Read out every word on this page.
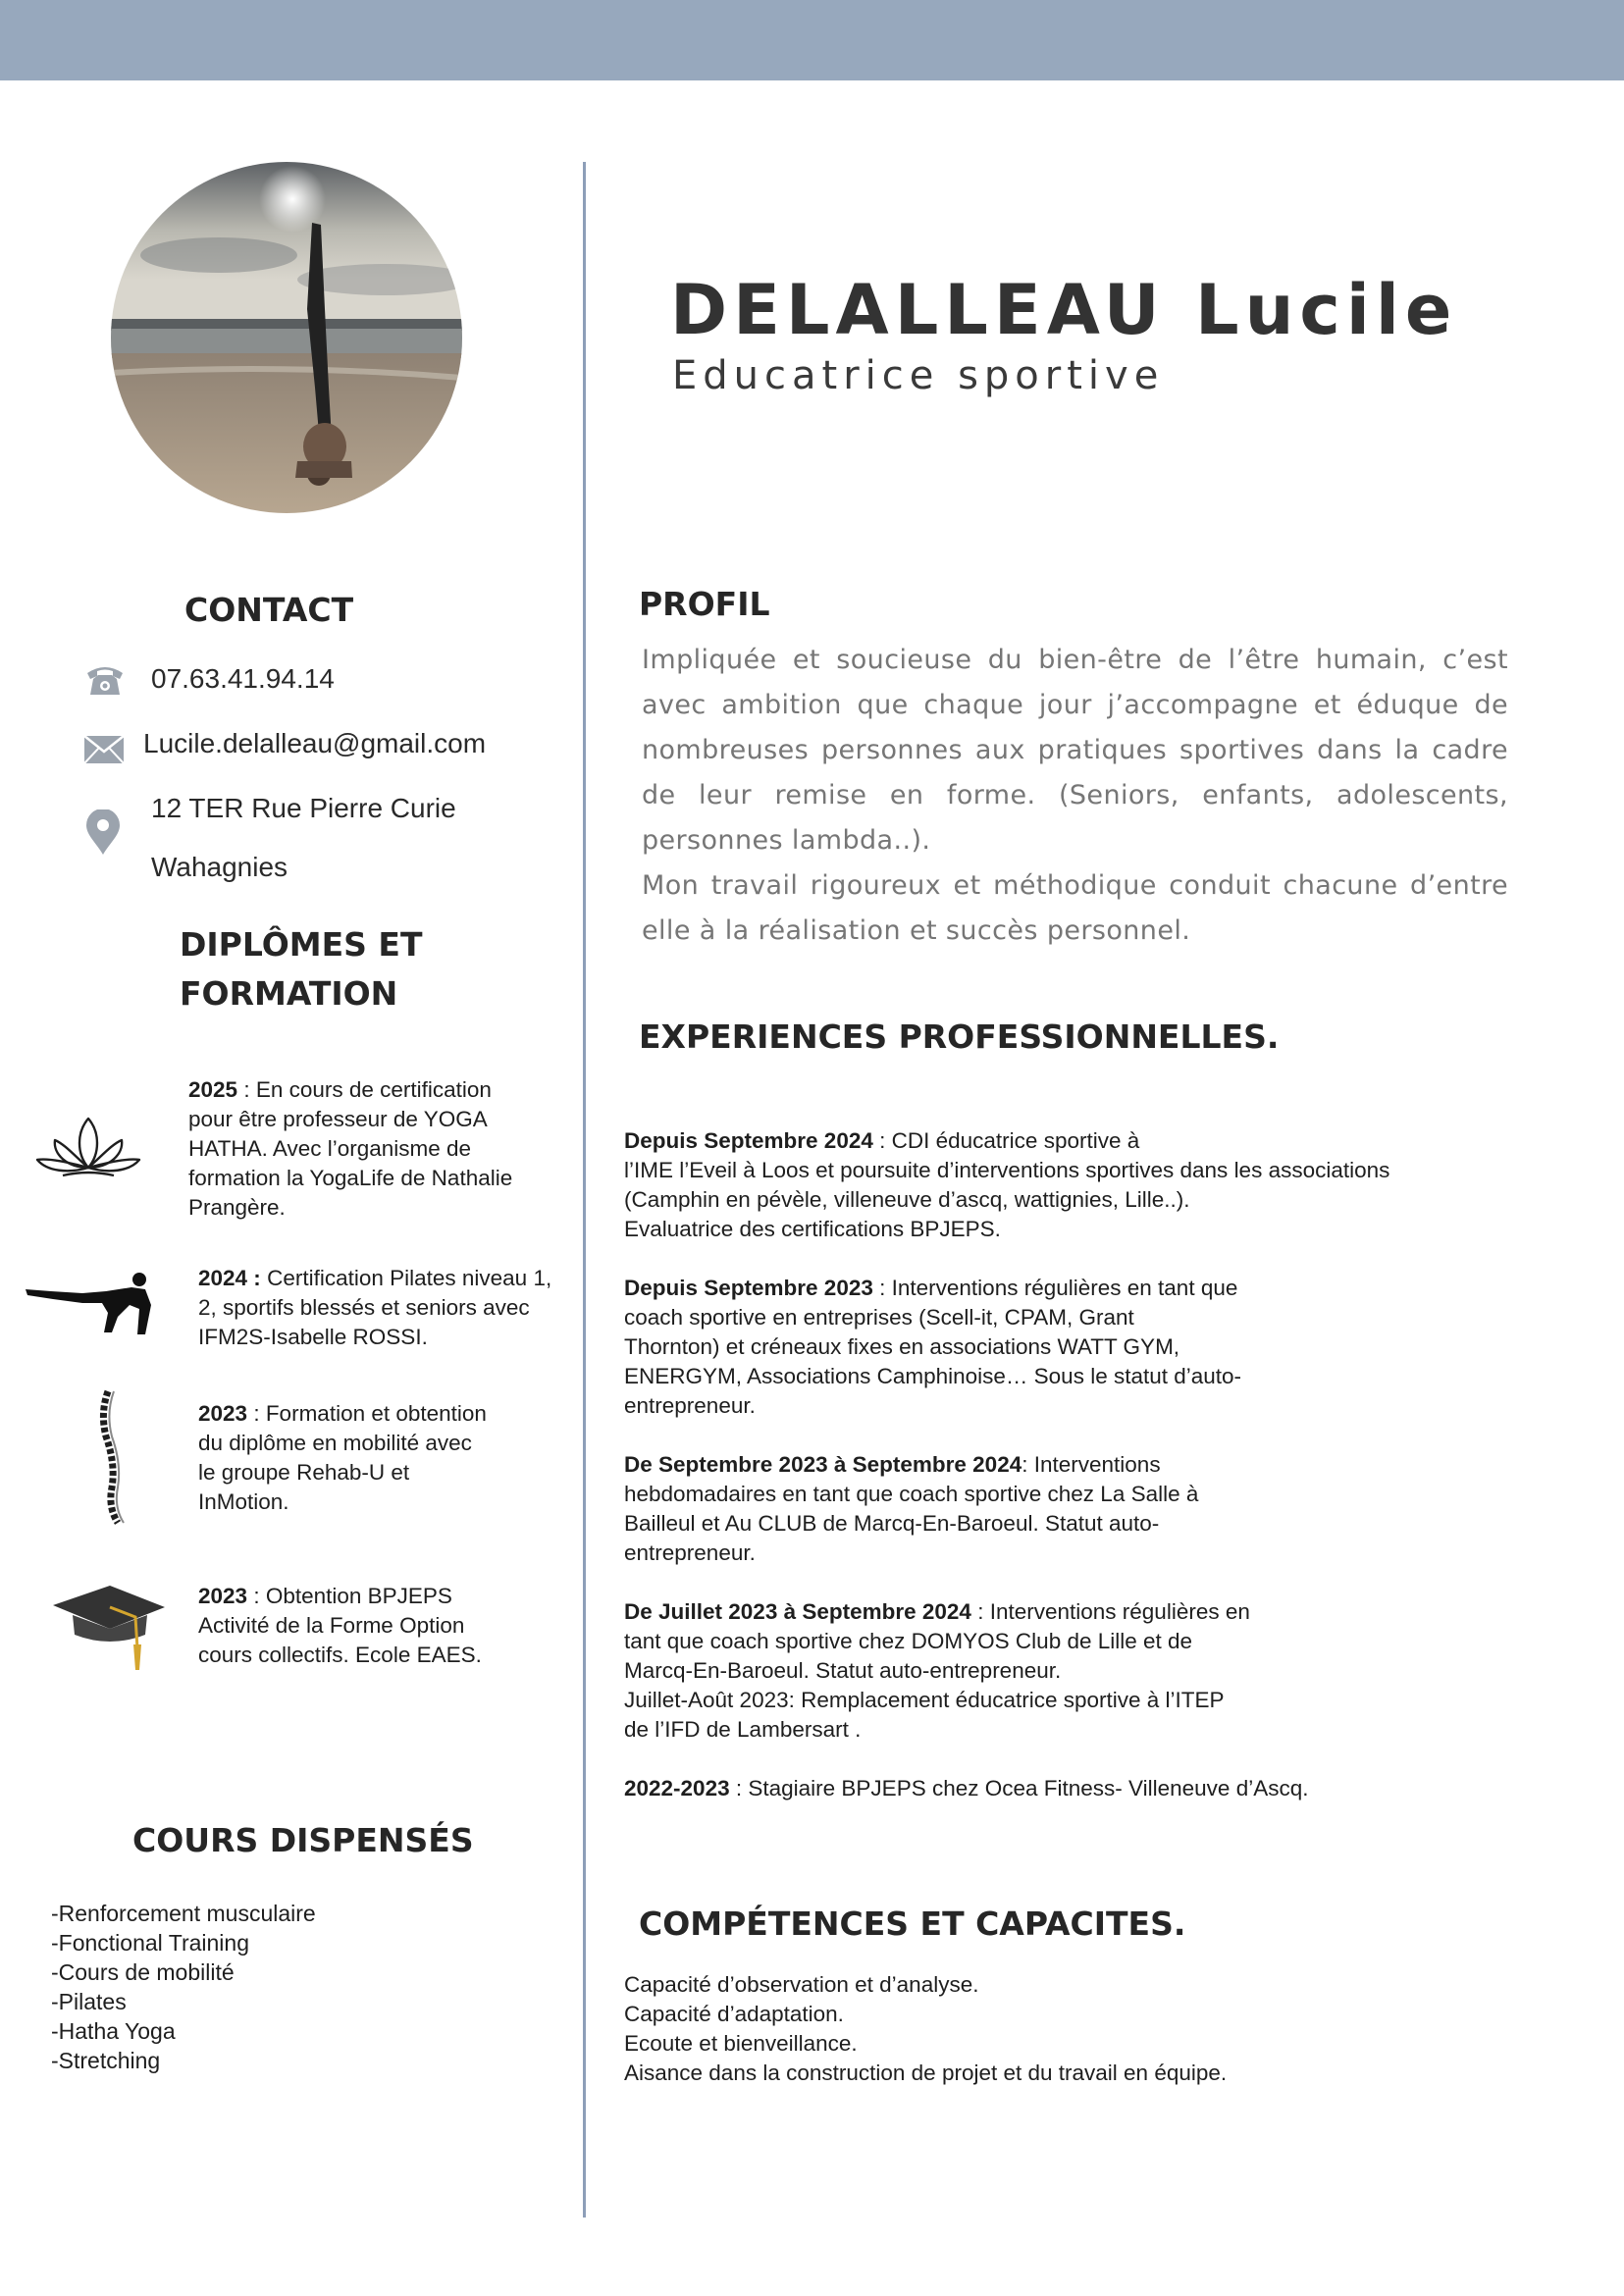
DELALLEAU Lucile
Educatrice sportive
CONTACT
07.63.41.94.14
Lucile.delalleau@gmail.com
12 TER Rue Pierre Curie
Wahagnies
DIPLÔMES ET
FORMATION
2025 : En cours de certification pour être professeur de YOGA HATHA. Avec l’organisme de formation la YogaLife de Nathalie Prangère.
2024 : Certification Pilates niveau 1, 2, sportifs blessés et seniors avec IFM2S-Isabelle ROSSI.
2023 : Formation et obtention du diplôme en mobilité avec le groupe Rehab-U et InMotion.
2023 : Obtention BPJEPS Activité de la Forme Option cours collectifs. Ecole EAES.
COURS DISPENSÉS
-Renforcement musculaire
-Fonctional Training
-Cours de mobilité
-Pilates
-Hatha Yoga
-Stretching
PROFIL

Impliquée et soucieuse du bien-être de l’être humain, c’est avec ambition que chaque jour j’accompagne et éduque de nombreuses personnes aux pratiques sportives dans la cadre de leur remise en forme. (Seniors, enfants, adolescents, personnes lambda..).

Mon travail rigoureux et méthodique conduit chacune d’entre elle à la réalisation et succès personnel.

EXPERIENCES PROFESSIONNELLES.
Depuis Septembre 2024 : CDI éducatrice sportive à
l’IME l’Eveil à Loos et poursuite d’interventions sportives dans les associations
(Camphin en pévèle, villeneuve d’ascq, wattignies, Lille..).
Evaluatrice des certifications BPJEPS.
Depuis Septembre 2023 : Interventions régulières en tant que
coach sportive en entreprises (Scell-it, CPAM, Grant
Thornton) et créneaux fixes en associations WATT GYM,
ENERGYM, Associations Camphinoise… Sous le statut d’auto-
entrepreneur.
De Septembre 2023 à Septembre 2024: Interventions
hebdomadaires en tant que coach sportive chez La Salle à
Bailleul et Au CLUB de Marcq-En-Baroeul. Statut auto-
entrepreneur.
De Juillet 2023 à Septembre 2024 : Interventions régulières en
tant que coach sportive chez DOMYOS Club de Lille et de
Marcq-En-Baroeul. Statut auto-entrepreneur.
Juillet-Août 2023: Remplacement éducatrice sportive à l’ITEP
de l’IFD de Lambersart .
2022-2023 : Stagiaire BPJEPS chez Ocea Fitness- Villeneuve d’Ascq.
COMPÉTENCES ET CAPACITES.
Capacité d’observation et d’analyse.
Capacité d’adaptation.
Ecoute et bienveillance.
Aisance dans la construction de projet et du travail en équipe.
